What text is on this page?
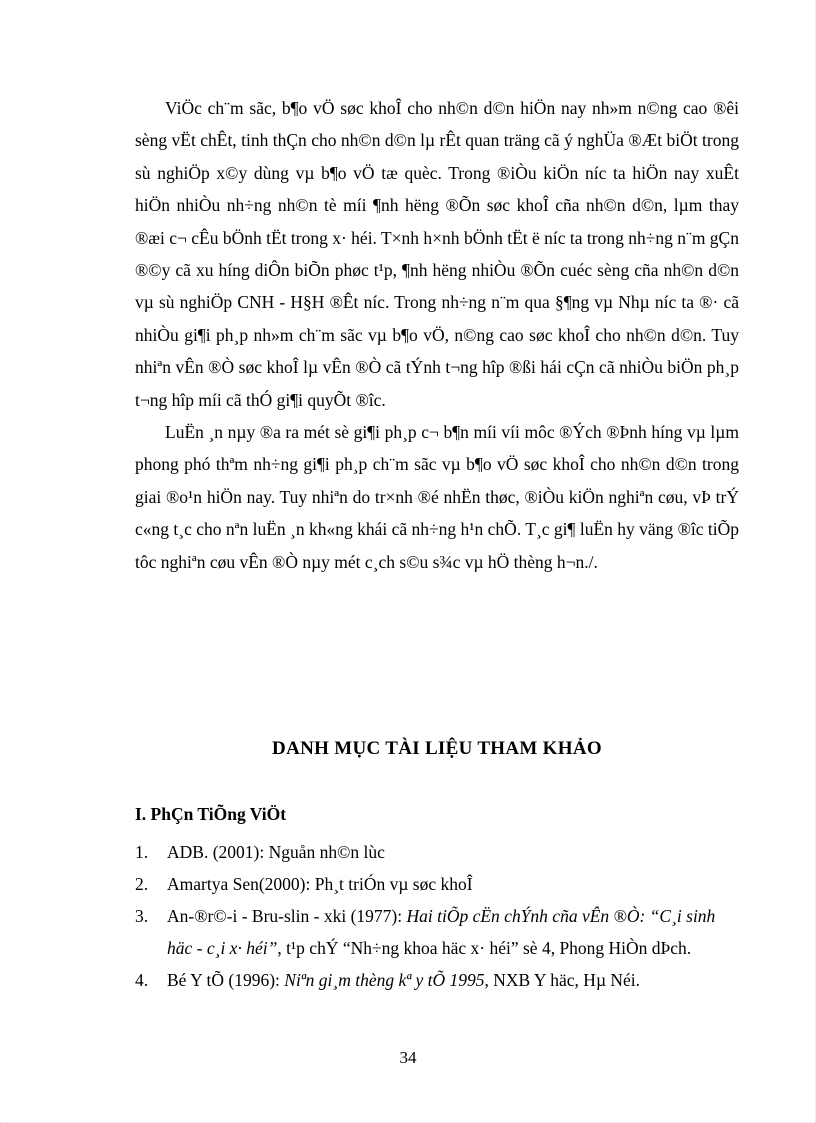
ViÖc ch¨m sãc, b¶o vÖ søc khoÎ cho nh©n d©n hiÖn nay nh»m n©ng cao ®êi sèng vËt chÊt, tinh thÇn cho nh©n d©n lµ rÊt quan träng cã ý nghÜa ®Æt biÖt trong sù nghiÖp x©y dùng vµ b¶o vÖ tæ quèc. Trong ®iÒu kiÖn níc ta hiÖn nay xuÊt hiÖn nhiÒu nh÷ng nh©n tè míi ¶nh hëng ®Õn søc khoÎ cña nh©n d©n, lµm thay ®æi c¬ cÊu bÖnh tËt trong x· héi. T×nh h×nh bÖnh tËt ë níc ta trong nh÷ng n¨m gÇn ®©y cã xu híng diÔn biÕn phøc t¹p, ¶nh hëng nhiÒu ®Õn cuéc sèng cña nh©n d©n vµ sù nghiÖp CNH - H§H ®Êt níc. Trong nh÷ng n¨m qua §¶ng vµ Nhµ níc ta ®· cã nhiÒu gi¶i ph¸p nh»m ch¨m sãc vµ b¶o vÖ, n©ng cao søc khoÎ cho nh©n d©n. Tuy nhiªn vÊn ®Ò søc khoÎ lµ vÊn ®Ò cã tÝnh t¬ng hîp ®ßi hái cÇn cã nhiÒu biÖn ph¸p t¬ng hîp míi cã thÓ gi¶i quyÕt ®îc.

LuËn ¸n nµy ®a ra mét sè gi¶i ph¸p c¬ b¶n míi víi môc ®Ých ®Þnh híng vµ lµm phong phó thªm nh÷ng gi¶i ph¸p ch¨m sãc vµ b¶o vÖ søc khoÎ cho nh©n d©n trong giai ®o¹n hiÖn nay. Tuy nhiªn do tr×nh ®é nhËn thøc, ®iÒu kiÖn nghiªn cøu, vÞ trÝ c«ng t¸c cho nªn luËn ¸n kh«ng khái cã nh÷ng h¹n chÕ. T¸c gi¶ luËn hy väng ®îc tiÕp tôc nghiªn cøu vÊn ®Ò nµy mét c¸ch s©u s¾c vµ hÖ thèng h¬n./.

DANH MỤC TÀI LIỆU THAM KHẢO
I. PhÇn TiÕng ViÖt
1. ADB. (2001): Nguån nh©n lùc
2. Amartya Sen(2000): Ph¸t triÓn vµ søc khoÎ
3. An-®r©-i - Bru-slin - xki (1977): Hai tiÕp cËn chÝnh cña vÊn ®Ò: “C¸i sinh häc - c¸i x· héi”, t¹p chÝ “Nh÷ng khoa häc x· héi” sè 4, Phong HiÒn dÞch.
4. Bé Y tÕ (1996): Niªn gi¸m thèng kª y tÕ 1995, NXB Y häc, Hµ Néi.
34
